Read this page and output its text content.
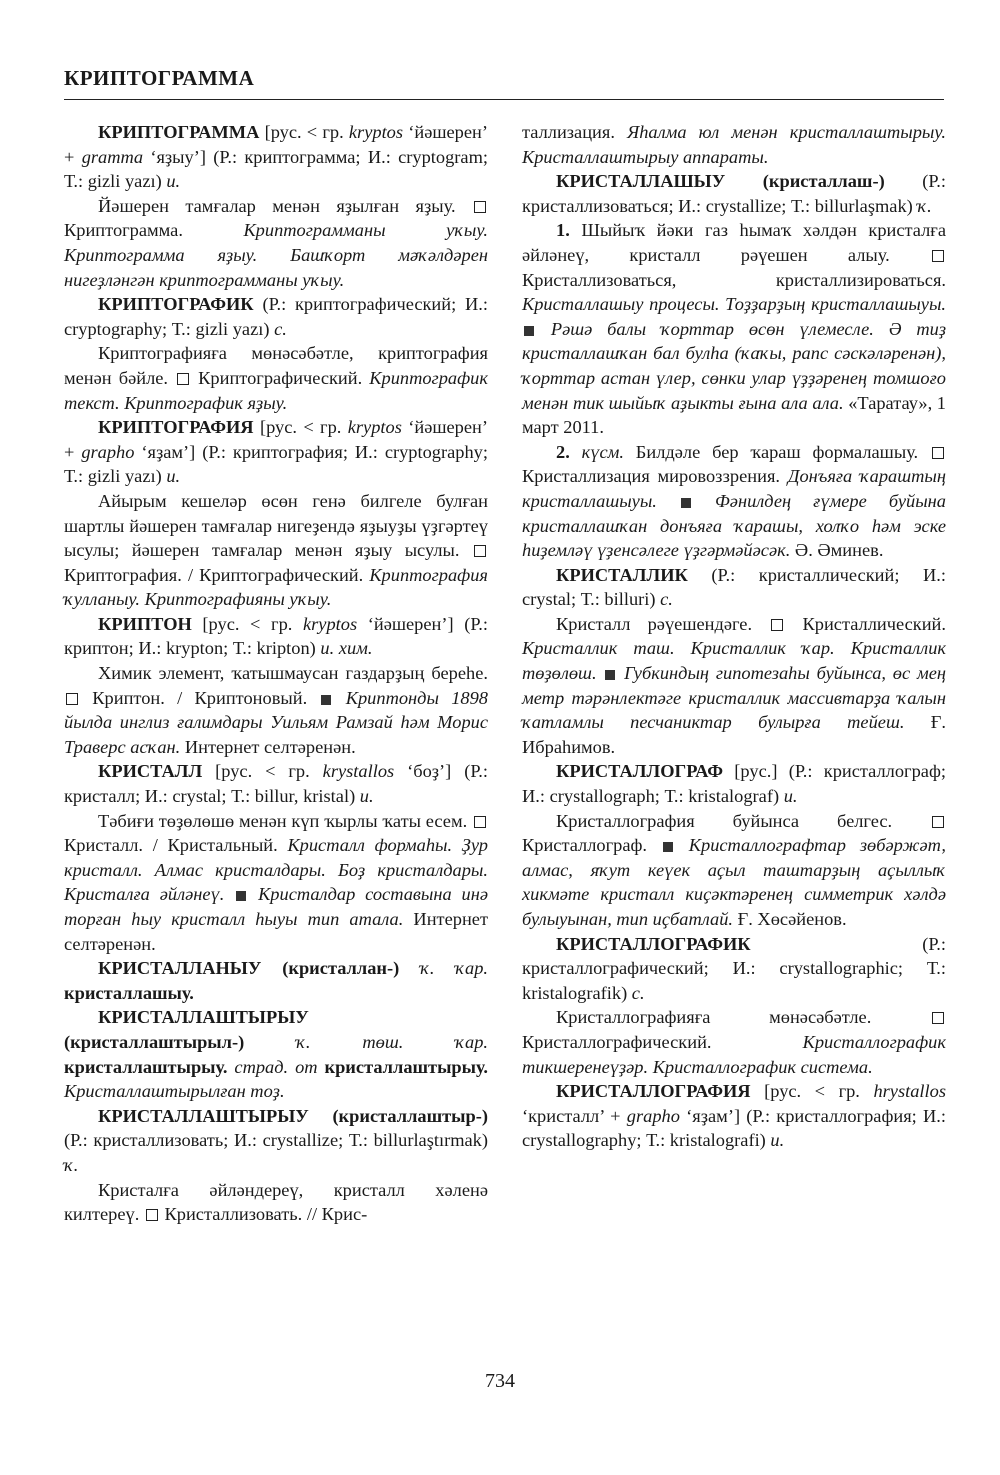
КРИПТОГРАММА

КРИПТОГРАММА [рус. < гр. kryptos ‘йәшерен’ + gramma ‘яҙыу’] (Р.: криптограмма; И.: cryptogram; Т.: gizli yazı) и.

Йәшерен тамғалар менән яҙылған яҙыу.  Криптограмма. Криптограмманы уҡыу. Криптограмма яҙыу. Башҡорт мәҡәлдәрен нигеҙләнгән криптограмманы уҡыу.

КРИПТОГРАФИК (Р.: криптографический; И.: cryptography; Т.: gizli yazı) с.

Криптографияға мөнәсәбәтле, криптография менән бәйле.  Криптографический. Криптографик текст. Криптографик яҙыу.

КРИПТОГРАФИЯ [рус. < гр. kryptos ‘йәшерен’ + grapho ‘яҙам’] (Р.: криптография; И.: cryptography; Т.: gizli yazı) и.

Айырым кешеләр өсөн генә билгеле булған шартлы йәшерен тамғалар нигеҙендә яҙыуҙы үҙгәртеү ысулы; йәшерен тамғалар менән яҙыу ысулы.  Криптография. / Криптографический. Криптография ҡулланыу. Криптографияны уҡыу.

КРИПТОН [рус. < гр. kryptos ‘йәшерен’] (Р.: криптон; И.: krypton; Т.: kripton) и. хим.

Химик элемент, ҡатышмаусан газдарҙың береһе.  Криптон. / Криптоновый.  Криптонды 1898 йылда инглиз ғалимдары Уильям Рамзай һәм Морис Траверс асҡан. Интернет селтәренән.

КРИСТАЛЛ [рус. < гр. krystallos ‘боҙ’] (Р.: кристалл; И.: crystal; Т.: billur, kristal) и.

Тәбиғи төҙөлөшө менән күп ҡырлы ҡаты есем.  Кристалл. / Кристальный. Кристалл формаһы. Ҙур кристалл. Алмас кристалдары. Боҙ кристалдары. Кристалға әйләнеү. Кристалдар составына инә торған һыу кристалл һыуы тип атала. Интернет селтәренән.

КРИСТАЛЛАНЫУ (кристаллан-) ҡ. ҡар. кристаллашыу.

КРИСТАЛЛАШТЫРЫУ (кристаллаштырыл-)	ҡ. төш. ҡар. кристаллаштырыу. страд. от кристаллаштырыу. Кристаллаштырылған тоҙ.

КРИСТАЛЛАШТЫРЫУ (кристаллаштыр-) (Р.: кристаллизовать; И.: crystallize; Т.: billurlaştırmak) ҡ.

Кристалға әйләндереү, кристалл хәленә килтереү.  Кристаллизовать. // Крис-

таллизация. Яһалма юл менән кристаллаштырыу. Кристаллаштырыу аппараты.

КРИСТАЛЛАШЫУ (кристаллаш-) (Р.: кристаллизоваться; И.: crystallize; Т.: billurlaşmak) ҡ.

1. Шыйыҡ йәки газ һымаҡ хәлдән кристалға әйләнеү, кристалл рәүешен алыу.  Кристаллизоваться, кристаллизироваться. Кристаллашыу процесы. Тоҙҙарҙың кристаллашыуы.  Рәшә балы ҡорттар өсөн үлемесле. Ә тиҙ кристаллашҡан бал булһа (ҡаҡы, рапс сәскәләренән), ҡорттар астан үлер, сөнки улар үҙҙәренең томшоғо менән тик шыйыҡ аҙыкты ғына ала ала. «Таратау», 1 март 2011.

2. күсм. Билдәле бер ҡараш формалашыу.  Кристаллизация мировоззрения. Донъяға ҡараштың кристаллашыуы.	Фәнилдең ғүмере буйына кристаллашҡан донъяға ҡарашы, холҡо һәм эске һиҙемләү үҙенсәлеге үҙгәрмәйәсәк. Ә. Әминев.

КРИСТАЛЛИК (Р.: кристаллический; И.: crystal; Т.: billuri) с.

Кристалл рәүешендәге.  Кристаллический. Кристаллик таш. Кристаллик ҡар. Кристаллик төҙөлөш. Губкиндың гипотезаһы буйынса, өс мең метр тәрәнлектәге кристаллик массивтарҙа ҡалын ҡатламлы песчаниктар булырға тейеш. Ғ. Ибраһимов.

КРИСТАЛЛОГРАФ [рус.] (Р.: кристаллограф; И.: crystallograph; Т.: kristalograf) и.

Кристаллография буйынса белгес.  Кристаллограф.  Кристаллографтар зөбәржәт, алмас, яҡут кеүек аҫыл таштарҙың аҫыллыҡ хикмәте кристалл киҫәктәренең симметрик хәлдә булыуынан, тип иҫбатлай. Ғ. Хөсәйенов.

КРИСТАЛЛОГРАФИК (Р.: кристаллографический; И.: crystallographic; Т.: kristalografik) с.

Кристаллографияға мөнәсәбәтле.  Кристаллографический. Кристаллографик тикшеренеүҙәр. Кристаллографик система.

КРИСТАЛЛОГРАФИЯ [рус. < гр. hrystallos ‘кристалл’ + grapho ‘яҙам’] (Р.: кристаллография; И.: crystallography; Т.: kristalografi) и.

734
